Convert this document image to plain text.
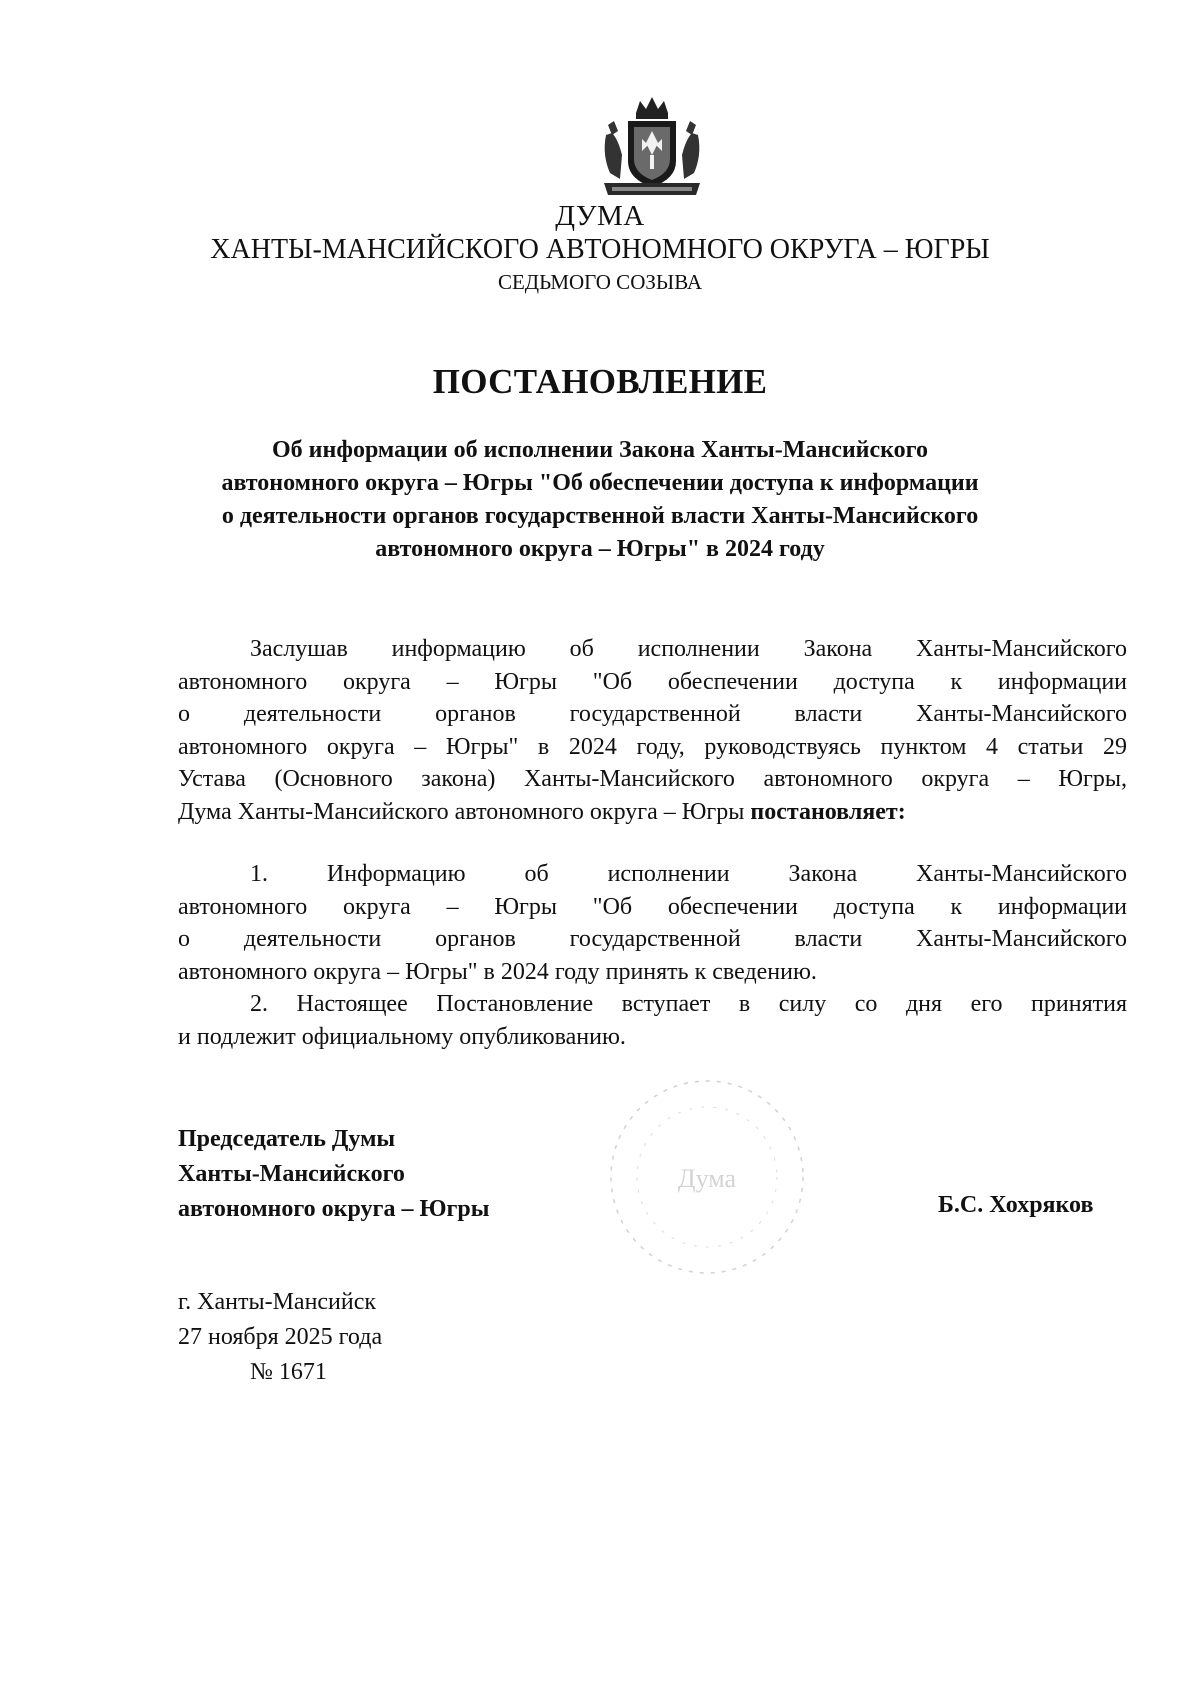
ДУМА
ХАНТЫ-МАНСИЙСКОГО АВТОНОМНОГО ОКРУГА – ЮГРЫ
СЕДЬМОГО СОЗЫВА
ПОСТАНОВЛЕНИЕ
Об информации об исполнении Закона Ханты-Мансийского
автономного округа – Югры "Об обеспечении доступа к информации
о деятельности органов государственной власти Ханты-Мансийского
автономного округа – Югры" в 2024 году
Заслушав информацию об исполнении Закона Ханты-Мансийского
автономного округа – Югры "Об обеспечении доступа к информации
о деятельности органов государственной власти Ханты-Мансийского
автономного округа – Югры" в 2024 году, руководствуясь пунктом 4 статьи 29
Устава (Основного закона) Ханты-Мансийского автономного округа – Югры,
Дума Ханты-Мансийского автономного округа – Югры постановляет:
1. Информацию об исполнении Закона Ханты-Мансийского
автономного округа – Югры "Об обеспечении доступа к информации
о деятельности органов государственной власти Ханты-Мансийского
автономного округа – Югры" в 2024 году принять к сведению.
2. Настоящее Постановление вступает в силу со дня его принятия
и подлежит официальному опубликованию.
Председатель Думы
Ханты-Мансийского
автономного округа – Югры
Дума
Б.С. Хохряков
г. Ханты-Мансийск
27 ноября 2025 года
№ 1671
